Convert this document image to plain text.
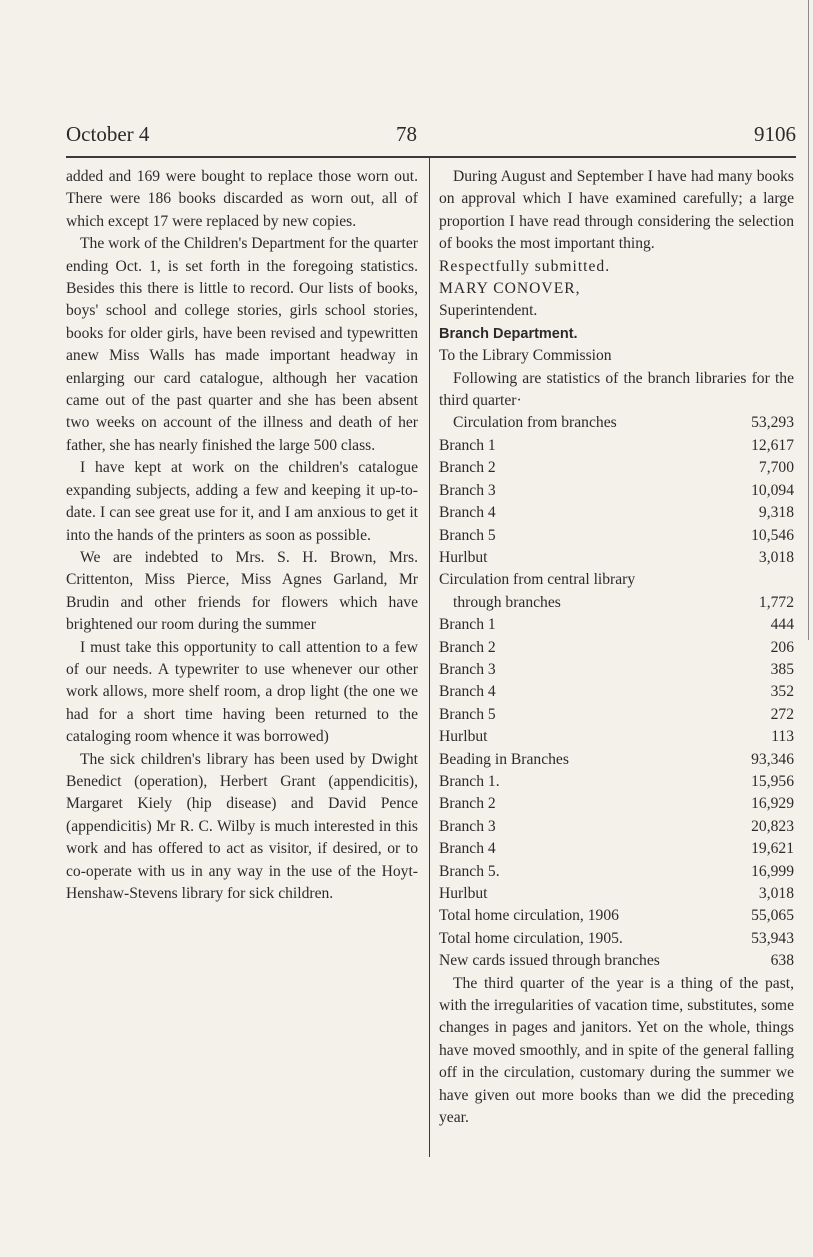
October 4	78	9106

added and 169 were bought to replace those worn out. There were 186 books discarded as worn out, all of which except 17 were replaced by new copies.

The work of the Children's Department for the quarter ending Oct. 1, is set forth in the foregoing statistics. Besides this there is little to record. Our lists of books, boys' school and college stories, girls school stories, books for older girls, have been revised and typewritten anew Miss Walls has made important headway in enlarging our card catalogue, although her vacation came out of the past quarter and she has been absent two weeks on account of the illness and death of her father, she has nearly finished the large 500 class.

I have kept at work on the children's catalogue expanding subjects, adding a few and keeping it up-to-date. I can see great use for it, and I am anxious to get it into the hands of the printers as soon as possible.

We are indebted to Mrs. S. H. Brown, Mrs. Crittenton, Miss Pierce, Miss Agnes Garland, Mr Brudin and other friends for flowers which have brightened our room during the summer

I must take this opportunity to call attention to a few of our needs. A typewriter to use whenever our other work allows, more shelf room, a drop light (the one we had for a short time having been returned to the cataloging room whence it was borrowed)

The sick children's library has been used by Dwight Benedict (operation), Herbert Grant (appendicitis), Margaret Kiely (hip disease) and David Pence (appendicitis) Mr R. C. Wilby is much interested in this work and has offered to act as visitor, if desired, or to co-operate with us in any way in the use of the Hoyt-Henshaw-Stevens library for sick children.

During August and September I have had many books on approval which I have examined carefully; a large proportion I have read through considering the selection of books the most important thing.

Respectfully submitted.

MARY CONOVER,

Superintendent.

Branch Department.

To the Library Commission

Following are statistics of the branch libraries for the third quarter·

Circulation from branches	53,293
Branch 1	12,617
Branch 2	7,700
Branch 3	10,094
Branch 4	9,318
Branch 5	10,546
Hurlbut	3,018

Circulation from central library

through branches	1,772
Branch 1	444
Branch 2	206
Branch 3	385
Branch 4	352
Branch 5	272
Hurlbut	113
Beading in Branches	93,346
Branch 1.	15,956
Branch 2	16,929
Branch 3	20,823
Branch 4	19,621
Branch 5.	16,999
Hurlbut	3,018
Total home circulation, 1906	55,065
Total home circulation, 1905.	53,943
New cards issued through branches	638

The third quarter of the year is a thing of the past, with the irregularities of vacation time, substitutes, some changes in pages and janitors. Yet on the whole, things have moved smoothly, and in spite of the general falling off in the circulation, customary during the summer we have given out more books than we did the preceding year.
